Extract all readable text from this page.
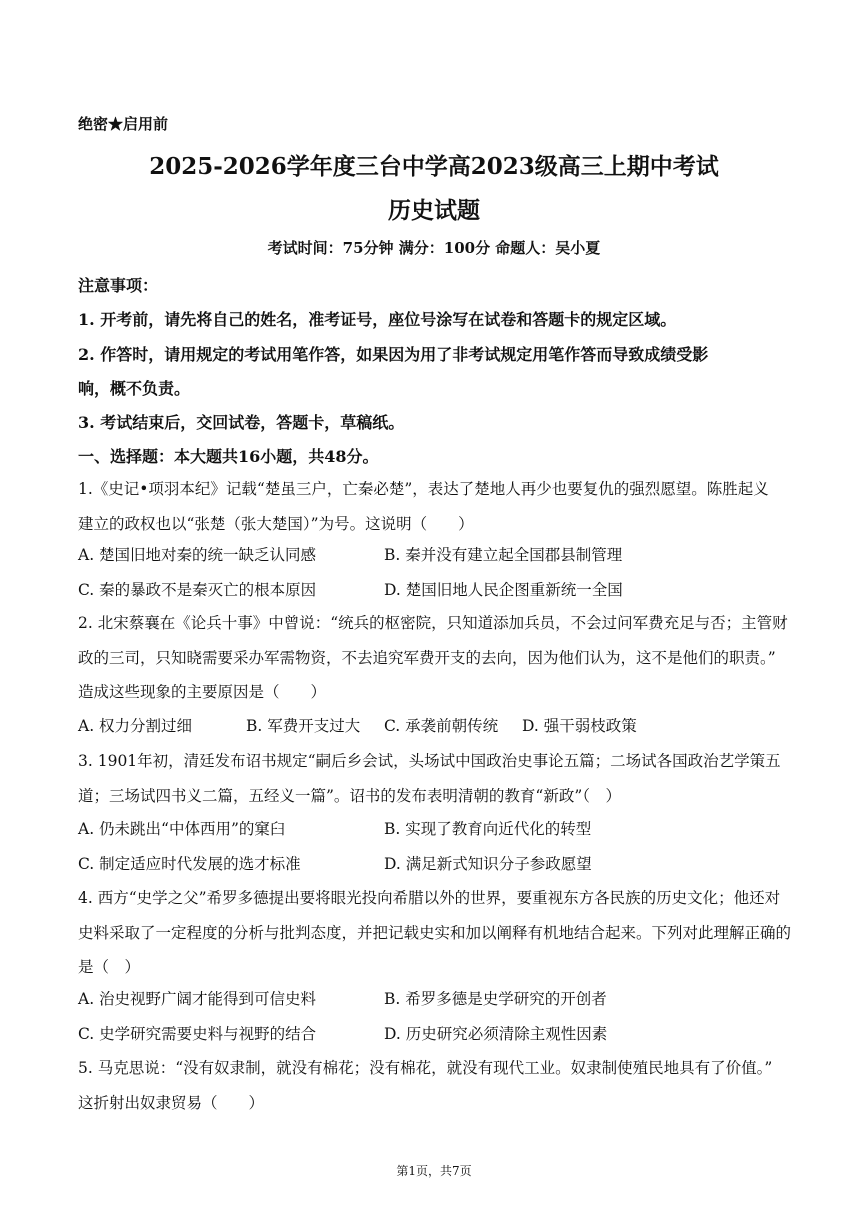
绝密★启用前
2025-2026学年度三台中学高2023级高三上期中考试
历史试题
考试时间：75分钟 满分：100分 命题人：吴小夏
注意事项：
1. 开考前，请先将自己的姓名，准考证号，座位号涂写在试卷和答题卡的规定区域。
2. 作答时，请用规定的考试用笔作答，如果因为用了非考试规定用笔作答而导致成绩受影
响，概不负责。
3. 考试结束后，交回试卷，答题卡，草稿纸。
一、选择题：本大题共16小题，共48分。

1.《史记•项羽本纪》记载“楚虽三户，亡秦必楚”，表达了楚地人再少也要复仇的强烈愿望。陈胜起义

建立的政权也以“张楚（张大楚国）”为号。这说明（　　）

A. 楚国旧地对秦的统一缺乏认同感	B. 秦并没有建立起全国郡县制管理
C. 秦的暴政不是秦灭亡的根本原因	D. 楚国旧地人民企图重新统一全国

2. 北宋蔡襄在《论兵十事》中曾说：“统兵的枢密院，只知道添加兵员，不会过问军费充足与否；主管财

政的三司，只知晓需要采办军需物资，不去追究军费开支的去向，因为他们认为，这不是他们的职责。”

造成这些现象的主要原因是（　　）

A. 权力分割过细	B. 军费开支过大	C. 承袭前朝传统	D. 强干弱枝政策

3. 1901年初，清廷发布诏书规定“嗣后乡会试，头场试中国政治史事论五篇；二场试各国政治艺学策五

道；三场试四书义二篇，五经义一篇”。诏书的发布表明清朝的教育“新政”（　）

A. 仍未跳出“中体西用”的窠臼	B. 实现了教育向近代化的转型
C. 制定适应时代发展的选才标准	D. 满足新式知识分子参政愿望

4. 西方“史学之父”希罗多德提出要将眼光投向希腊以外的世界，要重视东方各民族的历史文化；他还对

史料采取了一定程度的分析与批判态度，并把记载史实和加以阐释有机地结合起来。下列对此理解正确的

是（　）

A. 治史视野广阔才能得到可信史料	B. 希罗多德是史学研究的开创者
C. 史学研究需要史料与视野的结合	D. 历史研究必须清除主观性因素

5. 马克思说：“没有奴隶制，就没有棉花；没有棉花，就没有现代工业。奴隶制使殖民地具有了价值。”

这折射出奴隶贸易（　　）

第1页，共7页
